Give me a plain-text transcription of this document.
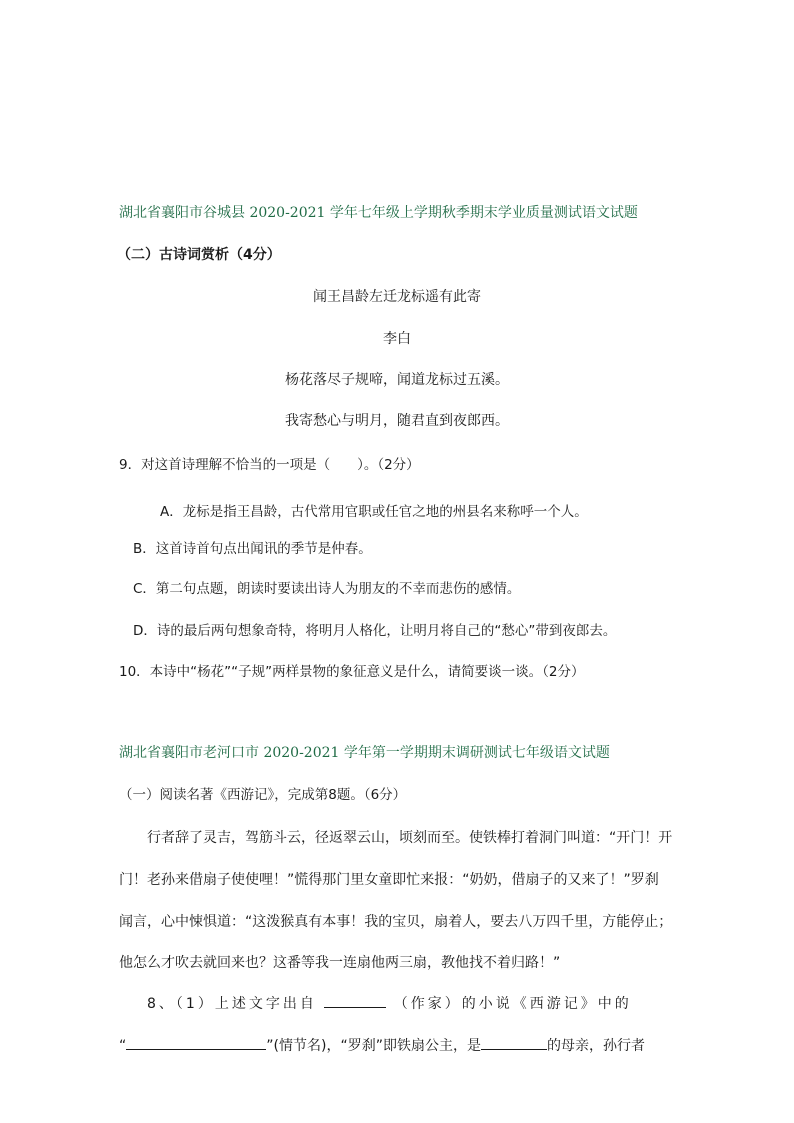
湖北省襄阳市谷城县 2020-2021 学年七年级上学期秋季期末学业质量测试语文试题
（二）古诗词赏析（4分）
闻王昌龄左迁龙标遥有此寄
李白
杨花落尽子规啼，闻道龙标过五溪。
我寄愁心与明月，随君直到夜郎西。
9．对这首诗理解不恰当的一项是（　　）。（2分）
A．龙标是指王昌龄，古代常用官职或任官之地的州县名来称呼一个人。
B．这首诗首句点出闻讯的季节是仲春。
C．第二句点题，朗读时要读出诗人为朋友的不幸而悲伤的感情。
D．诗的最后两句想象奇特，将明月人格化，让明月将自己的“愁心”带到夜郎去。
10．本诗中“杨花”“子规”两样景物的象征意义是什么，请简要谈一谈。（2分）
湖北省襄阳市老河口市 2020-2021 学年第一学期期末调研测试七年级语文试题
（一）阅读名著《西游记》，完成第8题。（6分）
行者辞了灵吉，驾筋斗云，径返翠云山，顷刻而至。使铁棒打着洞门叫道：“开门！开
门！老孙来借扇子使使哩！”慌得那门里女童即忙来报：“奶奶，借扇子的又来了！”罗刹
闻言，心中悚惧道：“这泼猴真有本事！我的宝贝，扇着人，要去八万四千里，方能停止；
他怎么才吹去就回来也？这番等我一连扇他两三扇，教他找不着归路！”
8、（1）上述文字出自	（作家）的小说《西游记》中的
“	”(情节名)，“罗刹”即铁扇公主，是	的母亲，孙行者
